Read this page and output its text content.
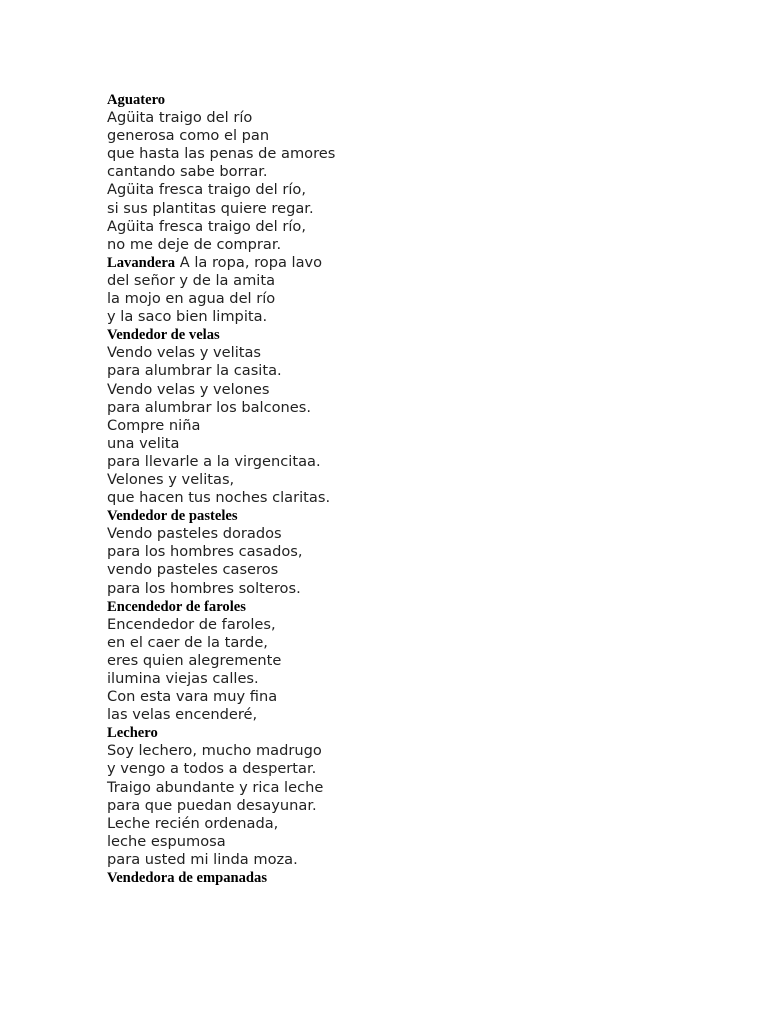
Aguatero
Agüita traigo del río
generosa como el pan
que hasta las penas de amores
cantando sabe borrar.
Agüita fresca traigo del río,
si sus plantitas quiere regar.
Agüita fresca traigo del río,
no me deje de comprar.
Lavandera A la ropa, ropa lavo
del señor y de la amita
la mojo en agua del río
y la saco bien limpita.
Vendedor de velas
Vendo velas y velitas
para alumbrar la casita.
Vendo velas y velones
para alumbrar los balcones.
Compre niña
una velita
para llevarle a la virgencitaa.
Velones y velitas,
que hacen tus noches claritas.
Vendedor de pasteles
Vendo pasteles dorados
para los hombres casados,
vendo pasteles caseros
para los hombres solteros.
Encendedor de faroles
Encendedor de faroles,
en el caer de la tarde,
eres quien alegremente
ilumina viejas calles.
Con esta vara muy fina
las velas encenderé,
Lechero
Soy lechero, mucho madrugo
y vengo a todos a despertar.
Traigo abundante y rica leche
para que puedan desayunar.
Leche recién ordenada,
leche espumosa
para usted mi linda moza.
Vendedora de empanadas
